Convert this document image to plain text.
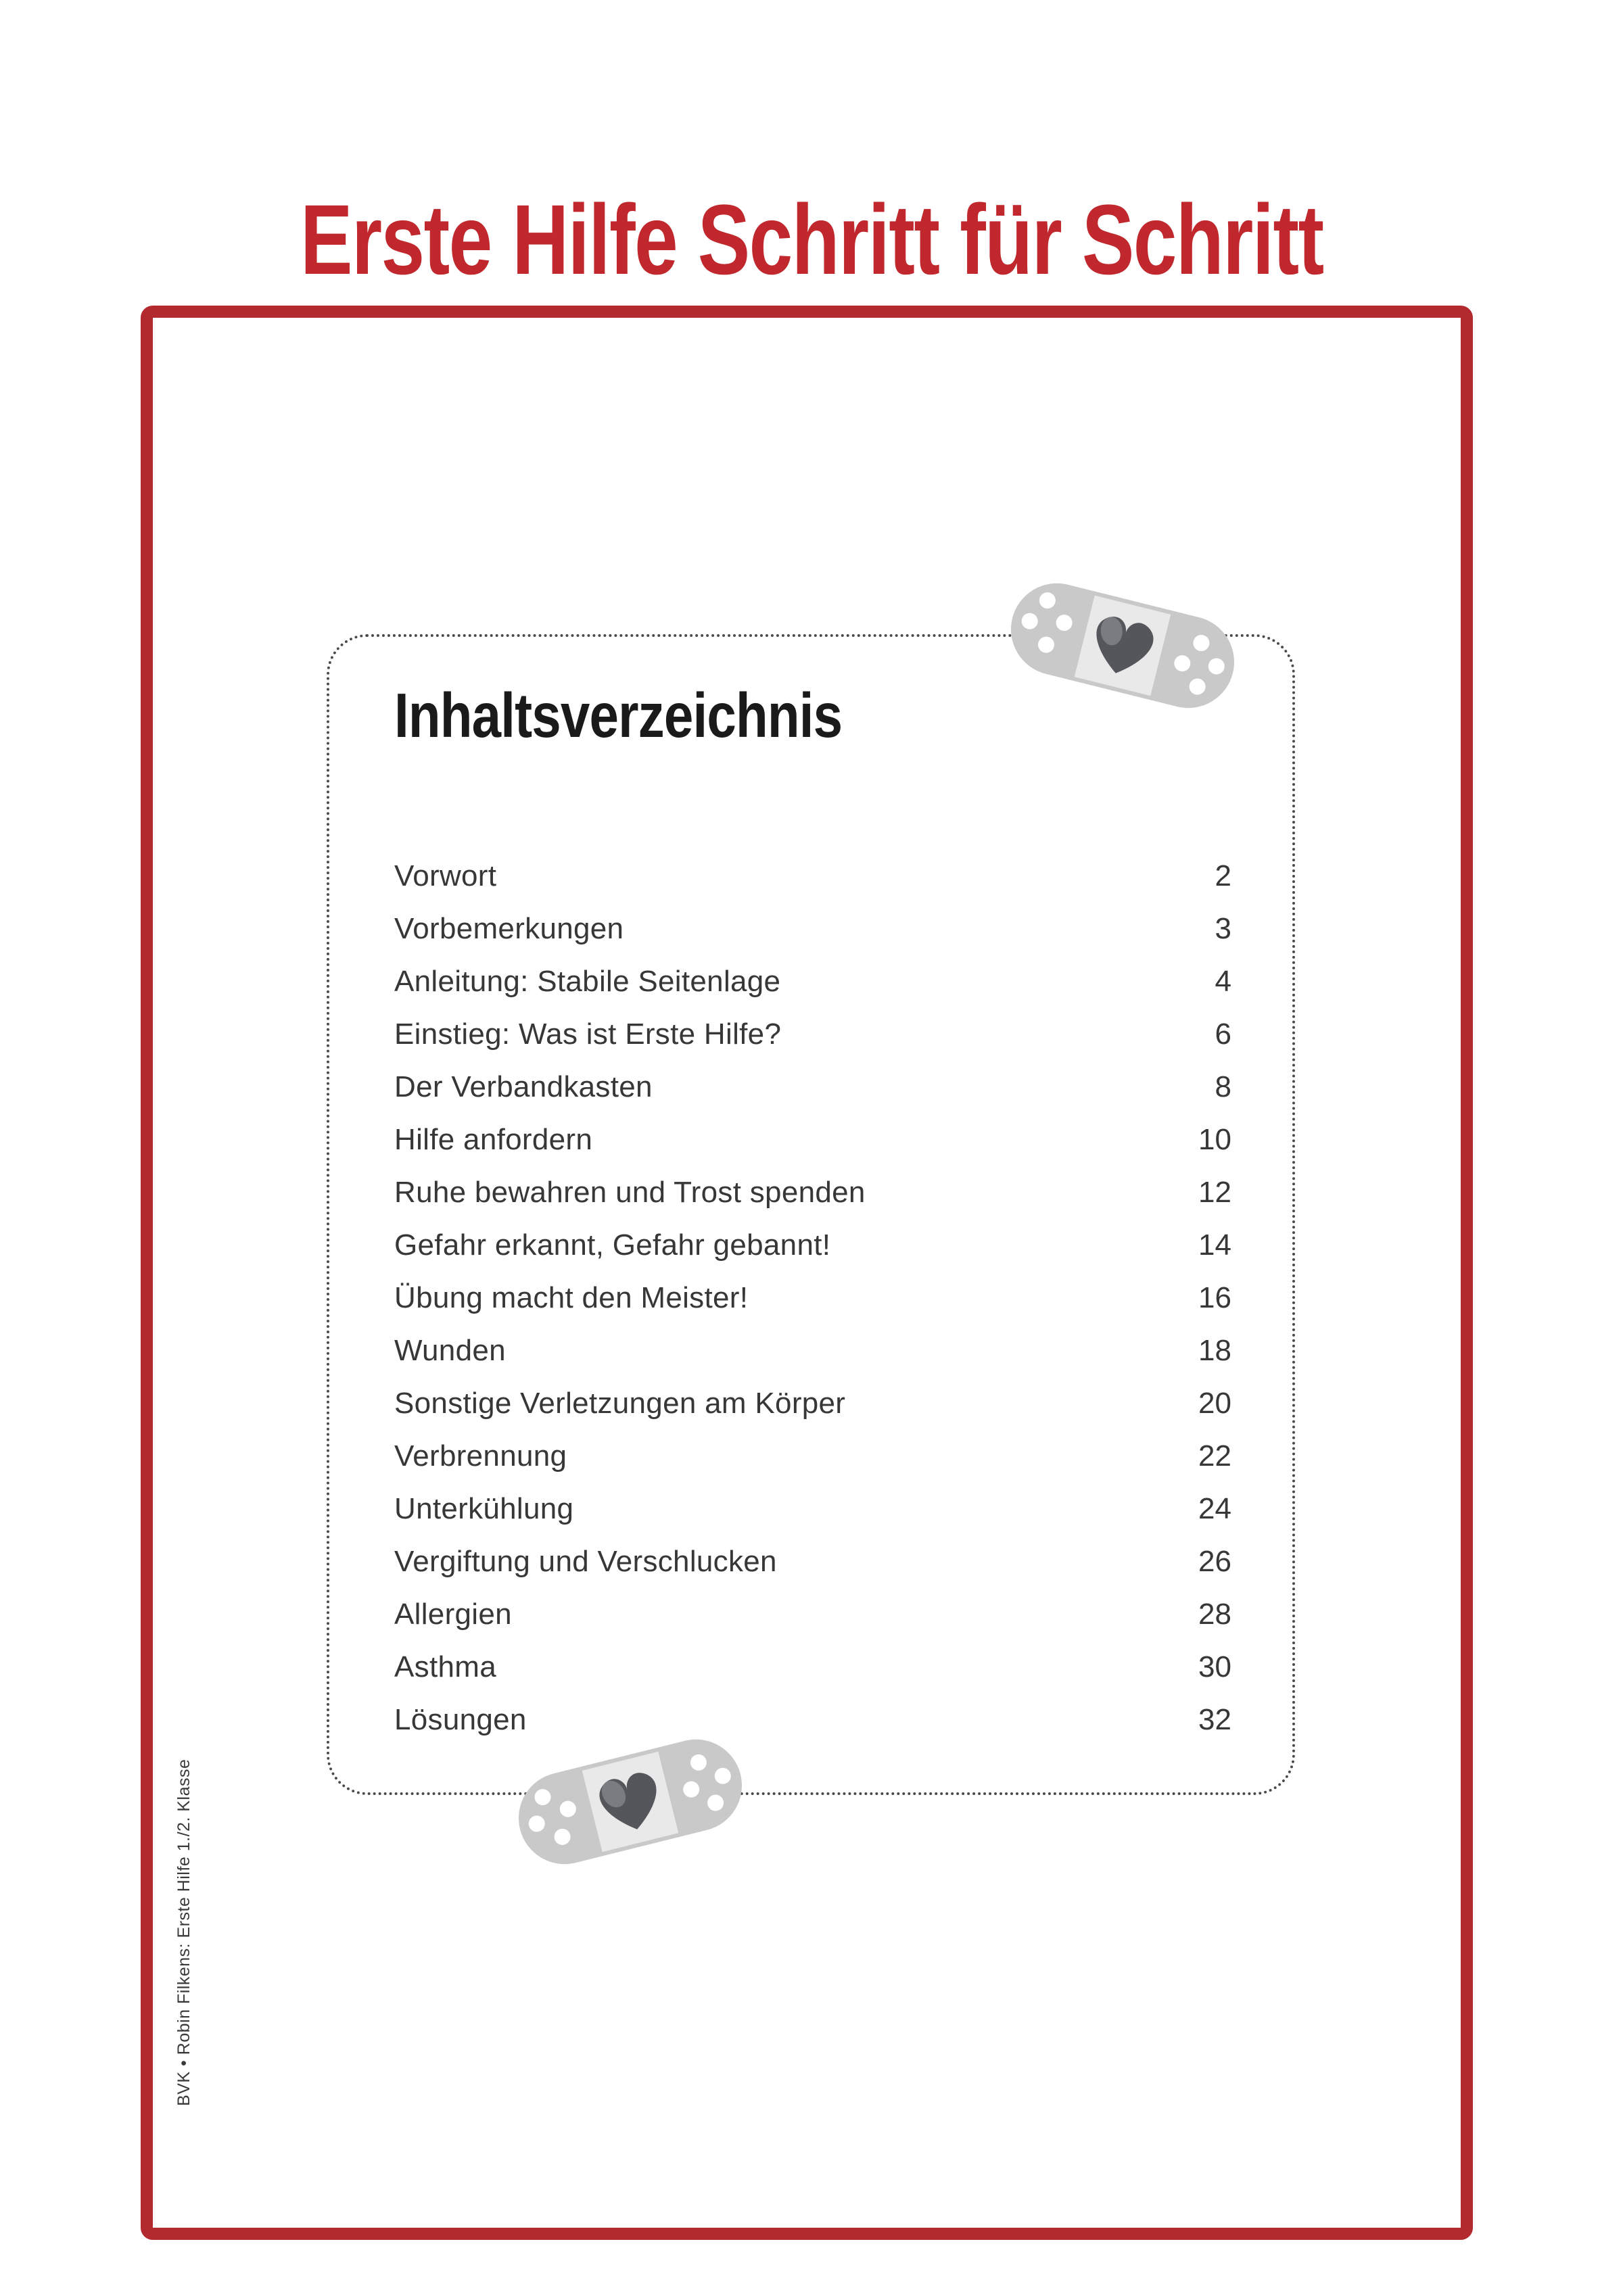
Erste Hilfe Schritt für Schritt
BVK • Robin Filkens: Erste Hilfe 1./2. Klasse
Inhaltsverzeichnis
Vorwort	2
Vorbemerkungen	3
Anleitung: Stabile Seitenlage	4
Einstieg: Was ist Erste Hilfe?	6
Der Verbandkasten	8
Hilfe anfordern	10
Ruhe bewahren und Trost spenden	12
Gefahr erkannt, Gefahr gebannt!	14
Übung macht den Meister!	16
Wunden	18
Sonstige Verletzungen am Körper	20
Verbrennung	22
Unterkühlung	24
Vergiftung und Verschlucken	26
Allergien	28
Asthma	30
Lösungen	32
